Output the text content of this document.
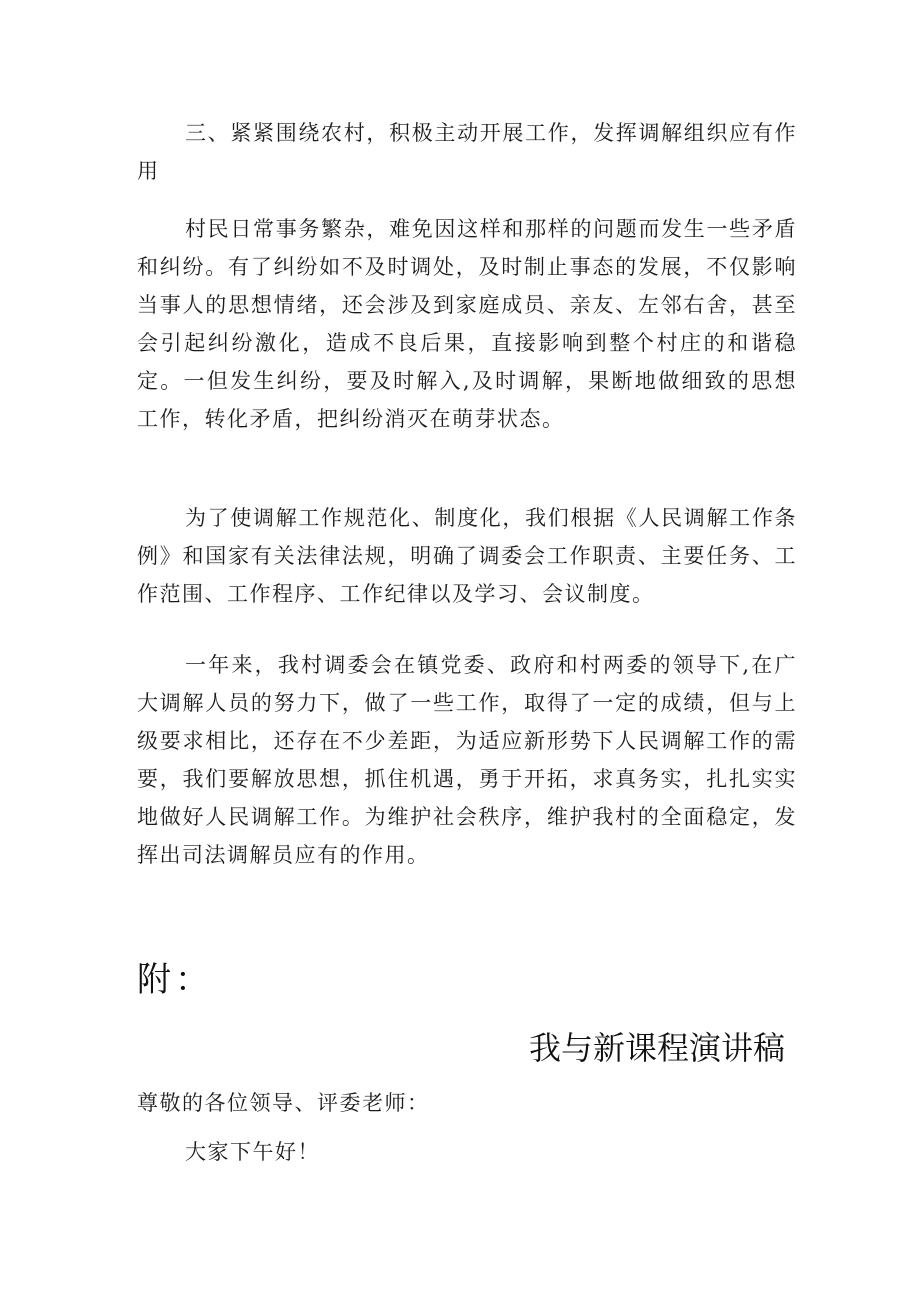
三、紧紧围绕农村，积极主动开展工作，发挥调解组织应有作用

村民日常事务繁杂，难免因这样和那样的问题而发生一些矛盾和纠纷。有了纠纷如不及时调处，及时制止事态的发展，不仅影响当事人的思想情绪，还会涉及到家庭成员、亲友、左邻右舍，甚至会引起纠纷激化，造成不良后果，直接影响到整个村庄的和谐稳定。一但发生纠纷，要及时解入,及时调解，果断地做细致的思想工作，转化矛盾，把纠纷消灭在萌芽状态。

为了使调解工作规范化、制度化，我们根据《人民调解工作条例》和国家有关法律法规，明确了调委会工作职责、主要任务、工作范围、工作程序、工作纪律以及学习、会议制度。

一年来，我村调委会在镇党委、政府和村两委的领导下,在广大调解人员的努力下，做了一些工作，取得了一定的成绩，但与上级要求相比，还存在不少差距，为适应新形势下人民调解工作的需要，我们要解放思想，抓住机遇，勇于开拓，求真务实，扎扎实实地做好人民调解工作。为维护社会秩序，维护我村的全面稳定，发挥出司法调解员应有的作用。

附：

我与新课程演讲稿

尊敬的各位领导、评委老师：

大家下午好！
